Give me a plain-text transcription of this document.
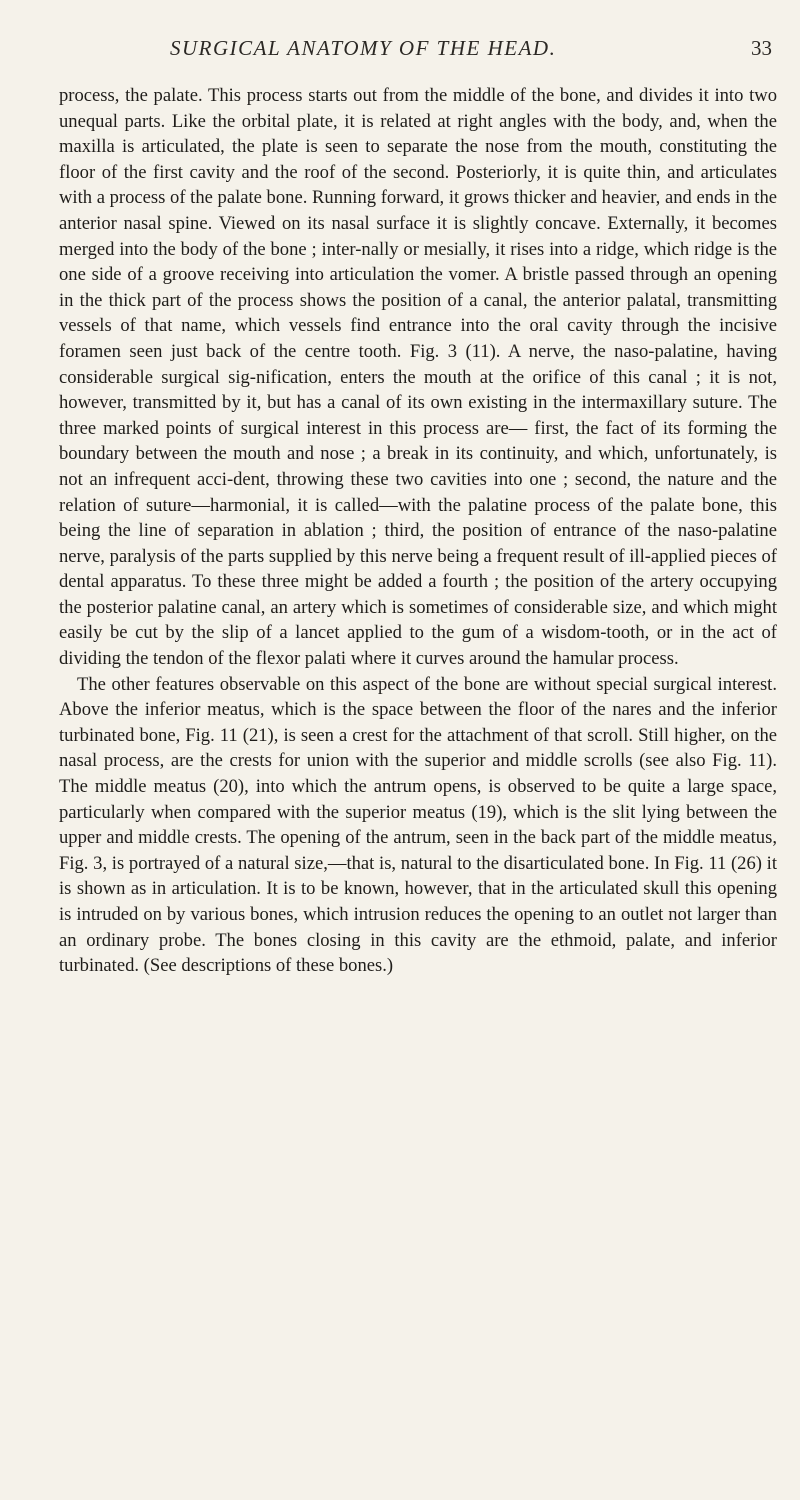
SURGICAL ANATOMY OF THE HEAD.	33

process, the palate. This process starts out from the middle of the bone, and divides it into two unequal parts. Like the orbital plate, it is related at right angles with the body, and, when the maxilla is articulated, the plate is seen to separate the nose from the mouth, constituting the floor of the first cavity and the roof of the second. Posteriorly, it is quite thin, and articulates with a process of the palate bone. Running forward, it grows thicker and heavier, and ends in the anterior nasal spine. Viewed on its nasal surface it is slightly concave. Externally, it becomes merged into the body of the bone ; inter-nally or mesially, it rises into a ridge, which ridge is the one side of a groove receiving into articulation the vomer. A bristle passed through an opening in the thick part of the process shows the position of a canal, the anterior palatal, transmitting vessels of that name, which vessels find entrance into the oral cavity through the incisive foramen seen just back of the centre tooth. Fig. 3 (11). A nerve, the naso-palatine, having considerable surgical sig-nification, enters the mouth at the orifice of this canal ; it is not, however, transmitted by it, but has a canal of its own existing in the intermaxillary suture. The three marked points of surgical interest in this process are— first, the fact of its forming the boundary between the mouth and nose ; a break in its continuity, and which, unfortunately, is not an infrequent acci-dent, throwing these two cavities into one ; second, the nature and the relation of suture—harmonial, it is called—with the palatine process of the palate bone, this being the line of separation in ablation ; third, the position of entrance of the naso-palatine nerve, paralysis of the parts supplied by this nerve being a frequent result of ill-applied pieces of dental apparatus. To these three might be added a fourth ; the position of the artery occupying the posterior palatine canal, an artery which is sometimes of considerable size, and which might easily be cut by the slip of a lancet applied to the gum of a wisdom-tooth, or in the act of dividing the tendon of the flexor palati where it curves around the hamular process.

The other features observable on this aspect of the bone are without special surgical interest. Above the inferior meatus, which is the space between the floor of the nares and the inferior turbinated bone, Fig. 11 (21), is seen a crest for the attachment of that scroll. Still higher, on the nasal process, are the crests for union with the superior and middle scrolls (see also Fig. 11). The middle meatus (20), into which the antrum opens, is observed to be quite a large space, particularly when compared with the superior meatus (19), which is the slit lying between the upper and middle crests. The opening of the antrum, seen in the back part of the middle meatus, Fig. 3, is portrayed of a natural size,—that is, natural to the disarticulated bone. In Fig. 11 (26) it is shown as in articulation. It is to be known, however, that in the articulated skull this opening is intruded on by various bones, which intrusion reduces the opening to an outlet not larger than an ordinary probe. The bones closing in this cavity are the ethmoid, palate, and inferior turbinated. (See descriptions of these bones.)
